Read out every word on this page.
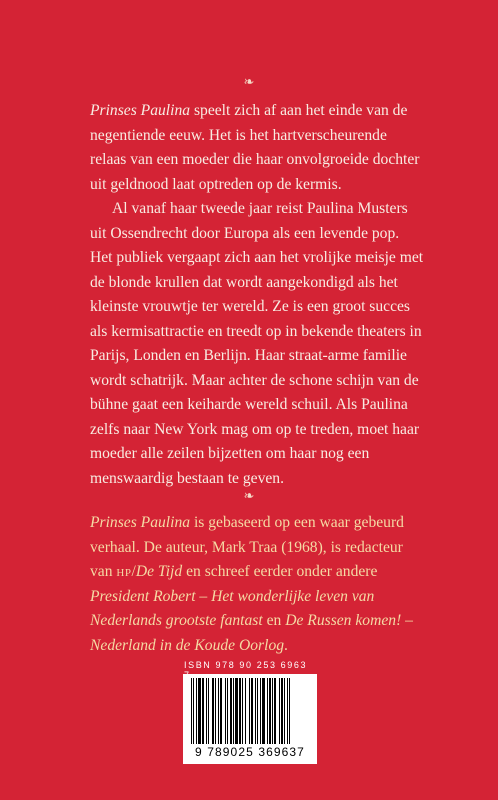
❧

Prinses Paulina speelt zich af aan het einde van de negentiende eeuw. Het is het hartverscheurende relaas van een moeder die haar onvolgroeide dochter uit geldnood laat optreden op de kermis.

Al vanaf haar tweede jaar reist Paulina Musters uit Ossendrecht door Europa als een levende pop. Het publiek vergaapt zich aan het vrolijke meisje met de blonde krullen dat wordt aangekondigd als het kleinste vrouwtje ter wereld. Ze is een groot succes als kermisattractie en treedt op in bekende theaters in Parijs, Londen en Berlijn. Haar straat-arme familie wordt schatrijk. Maar achter de schone schijn van de bühne gaat een keiharde wereld schuil. Als Paulina zelfs naar New York mag om op te treden, moet haar moeder alle zeilen bijzetten om haar nog een menswaardig bestaan te geven.

❧

Prinses Paulina is gebaseerd op een waar gebeurd verhaal. De auteur, Mark Traa (1968), is redacteur van hp/De Tijd en schreef eerder onder andere President Robert – Het wonderlijke leven van Nederlands grootste fantast en De Russen komen! – Nederland in de Koude Oorlog.

ISBN 978 90 253 6963
9 789025 369637
